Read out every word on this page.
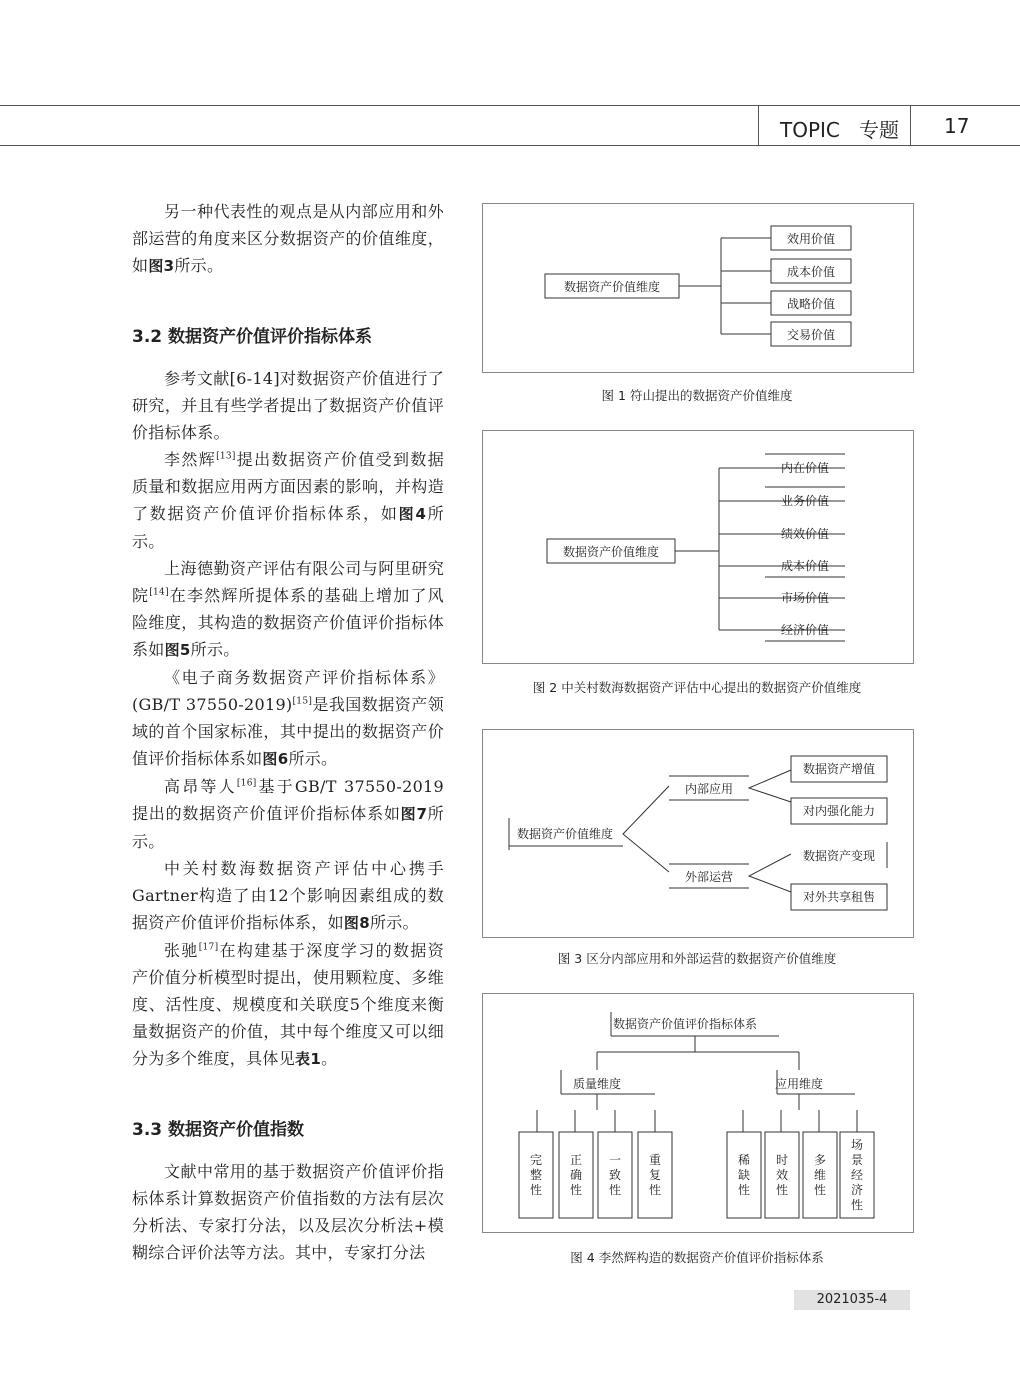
TOPIC 专题 17

另一种代表性的观点是从内部应用和外部运营的角度来区分数据资产的价值维度，如图3所示。

3.2 数据资产价值评价指标体系

参考文献[6-14]对数据资产价值进行了研究，并且有些学者提出了数据资产价值评价指标体系。

李然辉[13]提出数据资产价值受到数据质量和数据应用两方面因素的影响，并构造了数据资产价值评价指标体系，如图4所示。

上海德勤资产评估有限公司与阿里研究院[14]在李然辉所提体系的基础上增加了风险维度，其构造的数据资产价值评价指标体系如图5所示。

《电子商务数据资产评价指标体系》(GB/T 37550-2019)[15]是我国数据资产领域的首个国家标准，其中提出的数据资产价值评价指标体系如图6所示。

高昂等人[16]基于GB/T 37550-2019提出的数据资产价值评价指标体系如图7所示。

中关村数海数据资产评估中心携手Gartner构造了由12个影响因素组成的数据资产价值评价指标体系，如图8所示。

张驰[17]在构建基于深度学习的数据资产价值分析模型时提出，使用颗粒度、多维度、活性度、规模度和关联度5个维度来衡量数据资产的价值，其中每个维度又可以细分为多个维度，具体见表1。

3.3 数据资产价值指数

文献中常用的基于数据资产价值评价指标体系计算数据资产价值指数的方法有层次分析法、专家打分法，以及层次分析法+模糊综合评价法等方法。其中，专家打分法

数据资产价值维度
效用价值
成本价值
战略价值
交易价值
图 1 符山提出的数据资产价值维度
数据资产价值维度
内在价值
业务价值
绩效价值
成本价值
市场价值
经济价值
图 2 中关村数海数据资产评估中心提出的数据资产价值维度
数据资产价值维度
内部应用
外部运营
数据资产增值
对内强化能力
数据资产变现
对外共享租售
图 3 区分内部应用和外部运营的数据资产价值维度
数据资产价值评价指标体系
质量维度	应用维度
完整性
正确性
一致性
重复性
稀缺性
时效性
多维性
场景经济性
图 4 李然辉构造的数据资产价值评价指标体系
2021035-4
